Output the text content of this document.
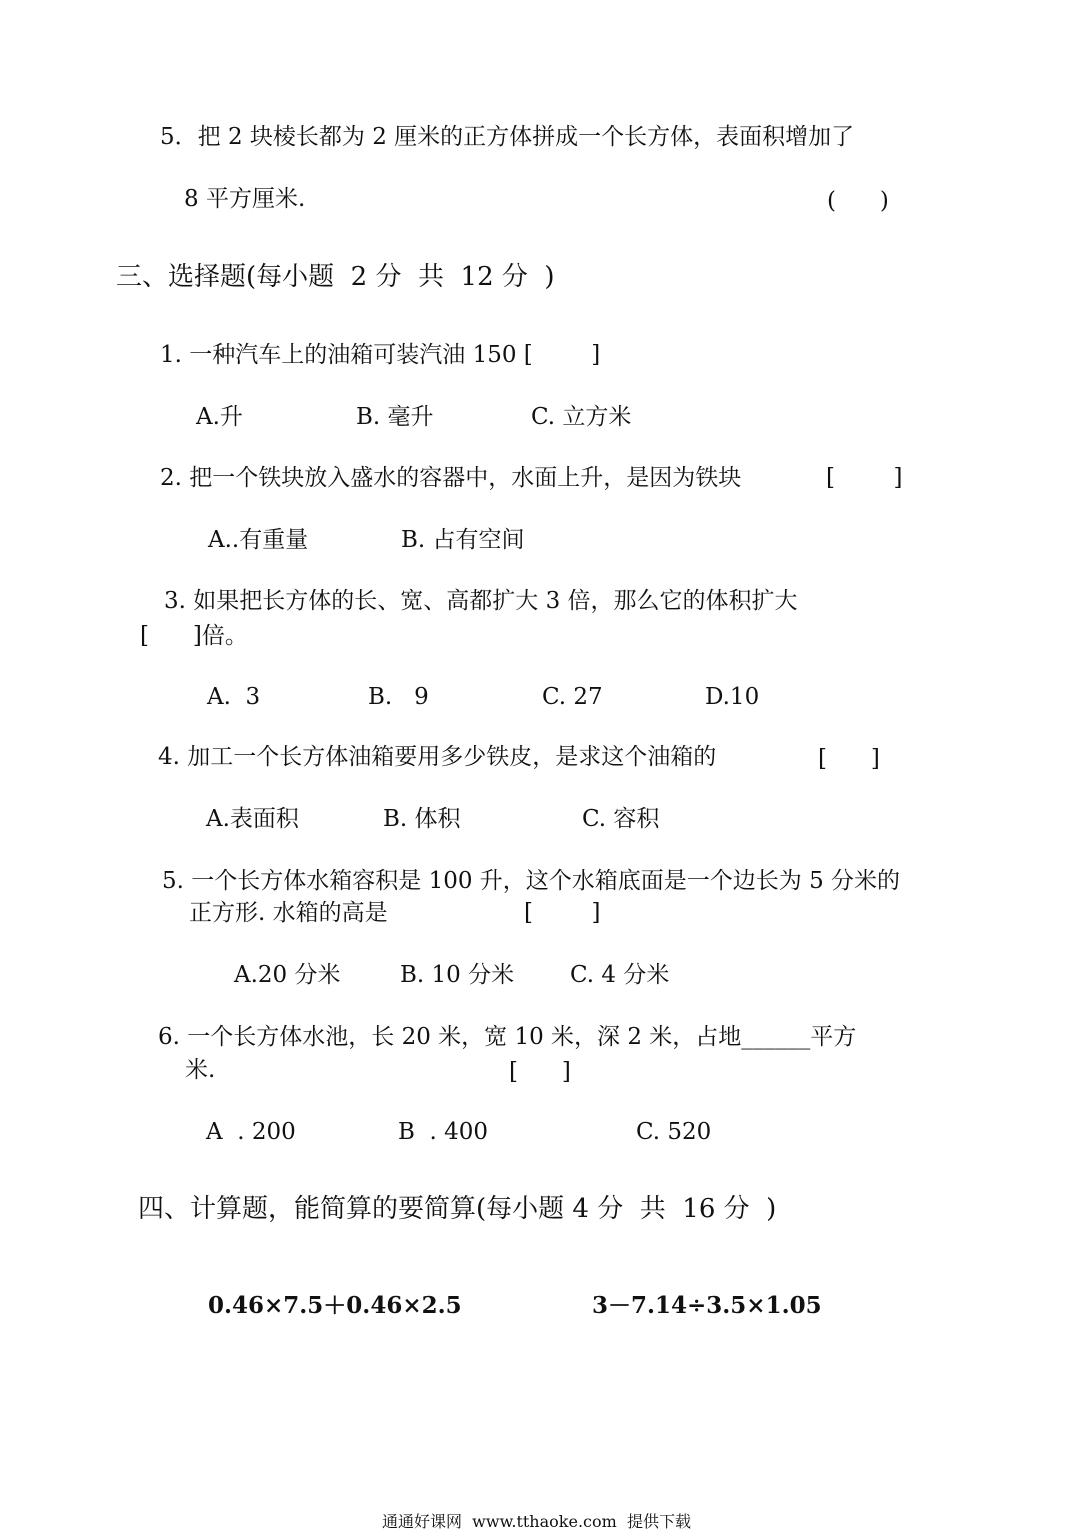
5．把 2 块棱长都为 2 厘米的正方体拼成一个长方体，表面积增加了
8 平方厘米.	(      )
三、选择题(每小题  2 分  共  12 分  )
1. 一种汽车上的油箱可装汽油 150 [        ]
A.升	B. 毫升	C. 立方米
2. 把一个铁块放入盛水的容器中，水面上升，是因为铁块	[        ]
A..有重量	B. 占有空间
3. 如果把长方体的长、宽、高都扩大 3 倍，那么它的体积扩大
[      ]倍。
A.  3	B.   9	C. 27	D.10
4. 加工一个长方体油箱要用多少铁皮，是求这个油箱的	[      ]
A.表面积	B. 体积	C. 容积
5. 一个长方体水箱容积是 100 升，这个水箱底面是一个边长为 5 分米的
正方形. 水箱的高是	[        ]
A.20 分米	B. 10 分米 C. 4 分米
6. 一个长方体水池，长 20 米，宽 10 米，深 2 米，占地______平方
米.	[      ]
A  . 200	B  . 400	C. 520
四、计算题，能简算的要简算(每小题 4 分  共  16 分  )
0.46×7.5＋0.46×2.5	3－7.14÷3.5×1.05
通通好课网  www.tthaoke.com  提供下载
